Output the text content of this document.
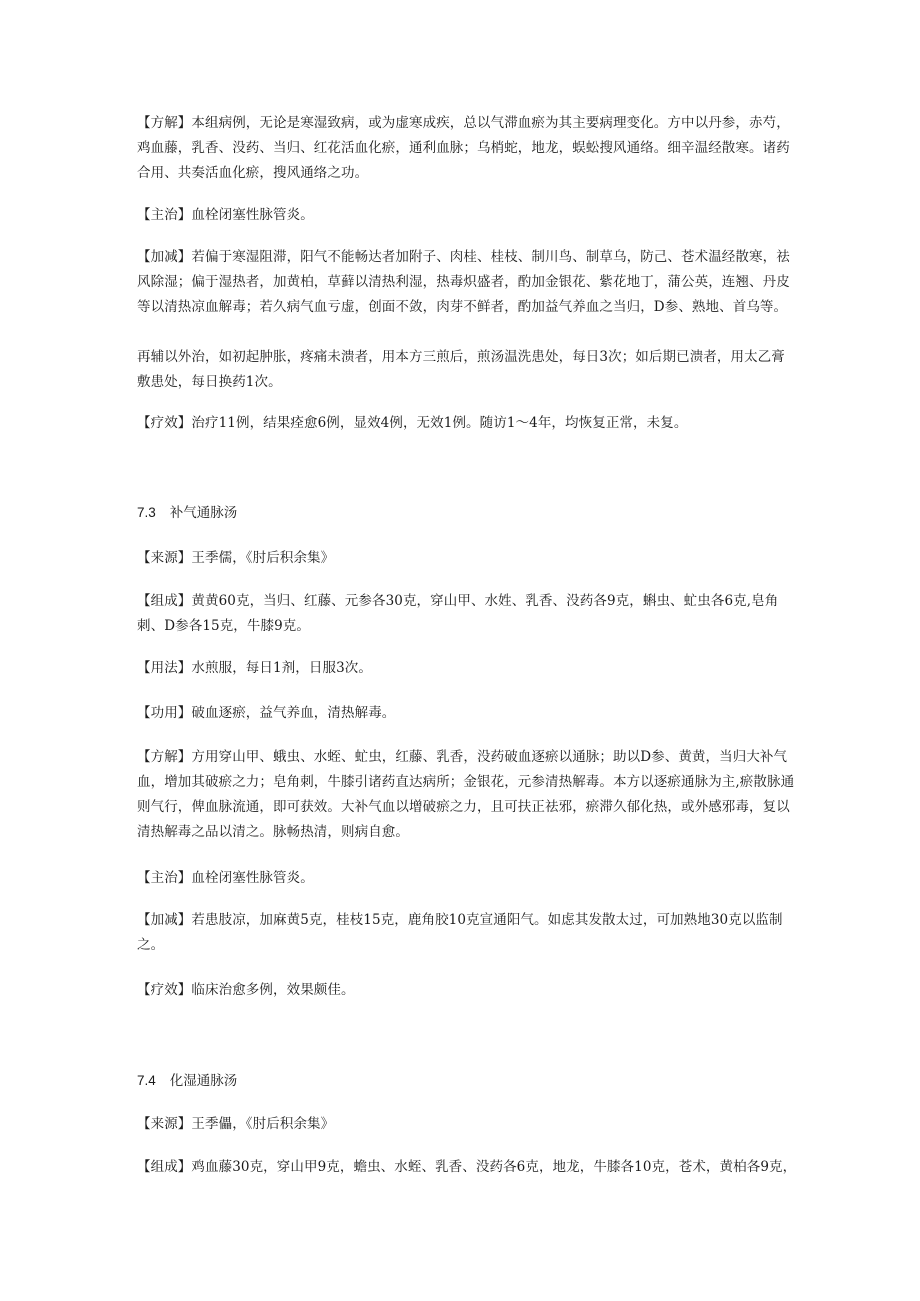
【方解】本组病例，无论是寒湿致病，或为虚寒成疾，总以气滞血瘀为其主要病理变化。方中以丹参，赤芍，鸡血藤，乳香、没药、当归、红花活血化瘀，通利血脉；乌梢蛇，地龙，蜈蚣搜风通络。细辛温经散寒。诸药合用、共奏活血化瘀，搜风通络之功。

【主治】血栓闭塞性脉管炎。

【加减】若偏于寒湿阻滞，阳气不能畅达者加附子、肉桂、桂枝、制川鸟、制草乌，防己、苍术温经散寒，祛风除湿；偏于湿热者，加黄柏，草藓以清热利湿，热毒炽盛者，酌加金银花、紫花地丁，蒲公英，连翘、丹皮等以清热凉血解毒；若久病气血亏虚，创面不敛，肉芽不鲜者，酌加益气养血之当归，D参、熟地、首乌等。

再辅以外治，如初起肿胀，疼痛未溃者，用本方三煎后，煎汤温洗患处，每日3次；如后期已溃者，用太乙膏敷患处，每日换药1次。

【疗效】治疗11例，结果痊愈6例，显效4例，无效1例。随访1～4年，均恢复正常，未复。

7.3 补气通脉汤

【来源】王季儒，《肘后积余集》

【组成】黄黄60克，当归、红藤、元参各30克，穿山甲、水姓、乳香、没药各9克，蝌虫、虻虫各6克,皂角刺、D参各15克，牛膝9克。

【用法】水煎服，每日1剂，日服3次。

【功用】破血逐瘀，益气养血，清热解毒。

【方解】方用穿山甲、蛾虫、水蛭、虻虫，红藤、乳香，没药破血逐瘀以通脉；助以D参、黄黄，当归大补气血，增加其破瘀之力；皂角刺，牛膝引诸药直达病所；金银花，元参清热解毒。本方以逐瘀通脉为主,瘀散脉通则气行，俾血脉流通，即可获效。大补气血以增破瘀之力，且可扶正祛邪，瘀滞久郁化热，或外感邪毒，复以清热解毒之品以清之。脉畅热清，则病自愈。

【主治】血栓闭塞性脉管炎。

【加减】若患肢凉，加麻黄5克，桂枝15克，鹿角胶10克宣通阳气。如虑其发散太过，可加熟地30克以监制之。

【疗效】临床治愈多例，效果颇佳。

7.4 化湿通脉汤

【来源】王季儡，《肘后积余集》

【组成】鸡血藤30克，穿山甲9克，蟾虫、水蛭、乳香、没药各6克，地龙，牛膝各10克，苍术，黄柏各9克，
